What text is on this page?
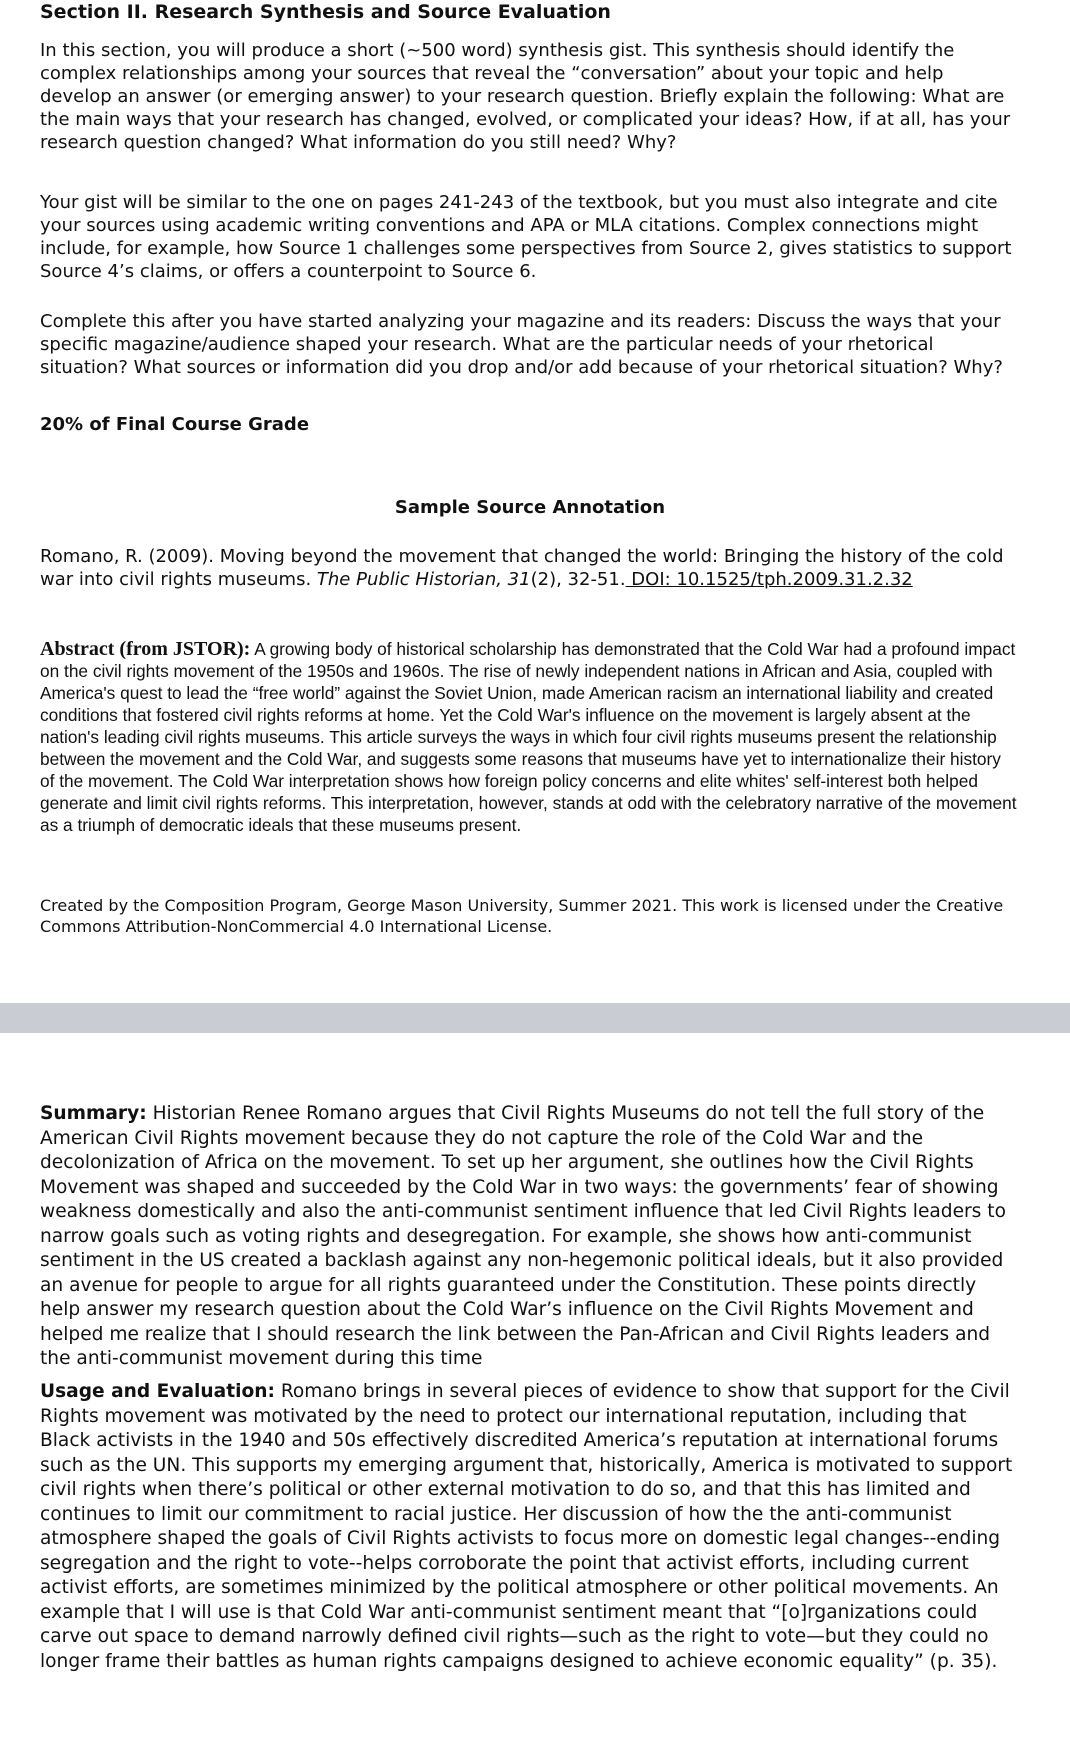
Section II. Research Synthesis and Source Evaluation

In this section, you will produce a short (~500 word) synthesis gist. This synthesis should identify the complex relationships among your sources that reveal the “conversation” about your topic and help develop an answer (or emerging answer) to your research question. Briefly explain the following: What are the main ways that your research has changed, evolved, or complicated your ideas? How, if at all, has your research question changed? What information do you still need? Why?

Your gist will be similar to the one on pages 241-243 of the textbook, but you must also integrate and cite your sources using academic writing conventions and APA or MLA citations. Complex connections might include, for example, how Source 1 challenges some perspectives from Source 2, gives statistics to support Source 4’s claims, or offers a counterpoint to Source 6.

Complete this after you have started analyzing your magazine and its readers: Discuss the ways that your specific magazine/audience shaped your research. What are the particular needs of your rhetorical situation? What sources or information did you drop and/or add because of your rhetorical situation? Why?

20% of Final Course Grade

Sample Source Annotation

Romano, R. (2009). Moving beyond the movement that changed the world: Bringing the history of the cold war into civil rights museums. The Public Historian, 31(2), 32-51. DOI: 10.1525/tph.2009.31.2.32

Abstract (from JSTOR): A growing body of historical scholarship has demonstrated that the Cold War had a profound impact on the civil rights movement of the 1950s and 1960s. The rise of newly independent nations in African and Asia, coupled with America's quest to lead the “free world” against the Soviet Union, made American racism an international liability and created conditions that fostered civil rights reforms at home. Yet the Cold War's influence on the movement is largely absent at the nation's leading civil rights museums. This article surveys the ways in which four civil rights museums present the relationship between the movement and the Cold War, and suggests some reasons that museums have yet to internationalize their history of the movement. The Cold War interpretation shows how foreign policy concerns and elite whites' self-interest both helped generate and limit civil rights reforms. This interpretation, however, stands at odd with the celebratory narrative of the movement as a triumph of democratic ideals that these museums present.

Created by the Composition Program, George Mason University, Summer 2021. This work is licensed under the Creative Commons Attribution-NonCommercial 4.0 International License.

Summary: Historian Renee Romano argues that Civil Rights Museums do not tell the full story of the American Civil Rights movement because they do not capture the role of the Cold War and the decolonization of Africa on the movement. To set up her argument, she outlines how the Civil Rights Movement was shaped and succeeded by the Cold War in two ways: the governments’ fear of showing weakness domestically and also the anti-communist sentiment influence that led Civil Rights leaders to narrow goals such as voting rights and desegregation. For example, she shows how anti-communist sentiment in the US created a backlash against any non-hegemonic political ideals, but it also provided an avenue for people to argue for all rights guaranteed under the Constitution. These points directly help answer my research question about the Cold War’s influence on the Civil Rights Movement and helped me realize that I should research the link between the Pan-African and Civil Rights leaders and the anti-communist movement during this time

Usage and Evaluation: Romano brings in several pieces of evidence to show that support for the Civil Rights movement was motivated by the need to protect our international reputation, including that Black activists in the 1940 and 50s effectively discredited America’s reputation at international forums such as the UN. This supports my emerging argument that, historically, America is motivated to support civil rights when there’s political or other external motivation to do so, and that this has limited and continues to limit our commitment to racial justice. Her discussion of how the the anti-communist atmosphere shaped the goals of Civil Rights activists to focus more on domestic legal changes--ending segregation and the right to vote--helps corroborate the point that activist efforts, including current activist efforts, are sometimes minimized by the political atmosphere or other political movements. An example that I will use is that Cold War anti-communist sentiment meant that “[o]rganizations could carve out space to demand narrowly defined civil rights—such as the right to vote—but they could no longer frame their battles as human rights campaigns designed to achieve economic equality” (p. 35).
